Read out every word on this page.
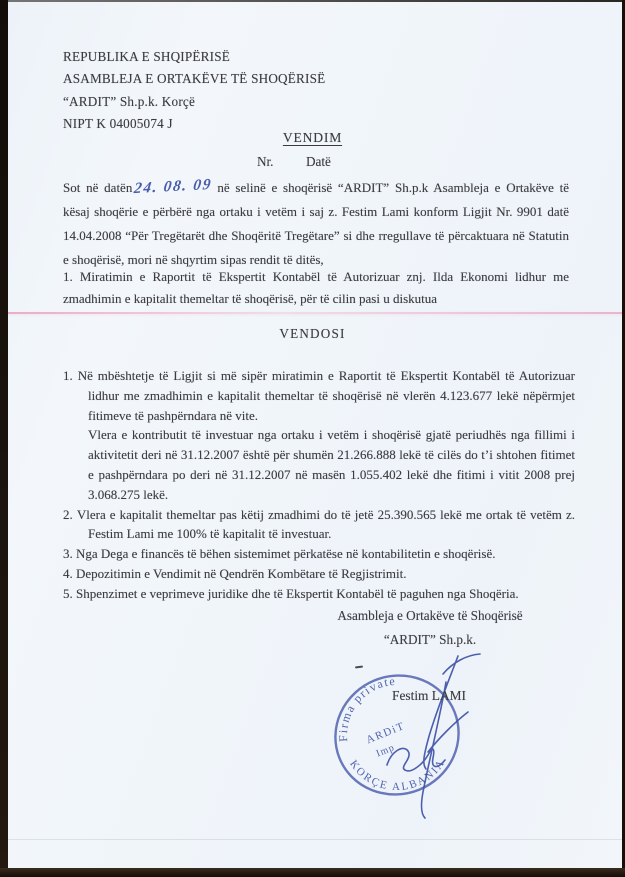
REPUBLIKA E SHQIPËRISË
ASAMBLEJA E ORTAKËVE TË SHOQËRISË
“ARDIT” Sh.p.k. Korçë
NIPT K 04005074 J
VENDIM
Nr. Datë
Sot në datën24. 08. 09 në selinë e shoqërisë “ARDIT” Sh.p.k Asambleja e Ortakëve të kësaj shoqërie e përbërë nga ortaku i vetëm i saj z. Festim Lami konform Ligjit Nr. 9901 datë 14.04.2008 “Për Tregëtarët dhe Shoqëritë Tregëtare” si dhe rregullave të përcaktuara në Statutin e shoqërisë, mori në shqyrtim sipas rendit të ditës,
1. Miratimin e Raportit të Ekspertit Kontabël të Autorizuar znj. Ilda Ekonomi lidhur me zmadhimin e kapitalit themeltar të shoqërisë, për të cilin pasi u diskutua
VENDOSI
1. Në mbështetje të Ligjit si më sipër miratimin e Raportit të Ekspertit Kontabël të Autorizuar lidhur me zmadhimin e kapitalit themeltar të shoqërisë në vlerën 4.123.677 lekë nëpërmjet fitimeve të pashpërndara në vite.
Vlera e kontributit të investuar nga ortaku i vetëm i shoqërisë gjatë periudhës nga fillimi i aktivitetit deri në 31.12.2007 është për shumën 21.266.888 lekë të cilës do t’i shtohen fitimet e pashpërndara po deri në 31.12.2007 në masën 1.055.402 lekë dhe fitimi i vitit 2008 prej 3.068.275 lekë.
2. Vlera e kapitalit themeltar pas këtij zmadhimi do të jetë 25.390.565 lekë me ortak të vetëm z. Festim Lami me 100% të kapitalit të investuar.
3. Nga Dega e financës të bëhen sistemimet përkatëse në kontabilitetin e shoqërisë.
4. Depozitimin e Vendimit në Qendrën Kombëtare të Regjistrimit.
5. Shpenzimet e veprimeve juridike dhe të Ekspertit Kontabël të paguhen nga Shoqëria.
Asambleja e Ortakëve të Shoqërisë
“ARDIT” Sh.p.k.
Festim LAMI
Firma private
KORÇE ALBANIA
ARDiT
Imp
